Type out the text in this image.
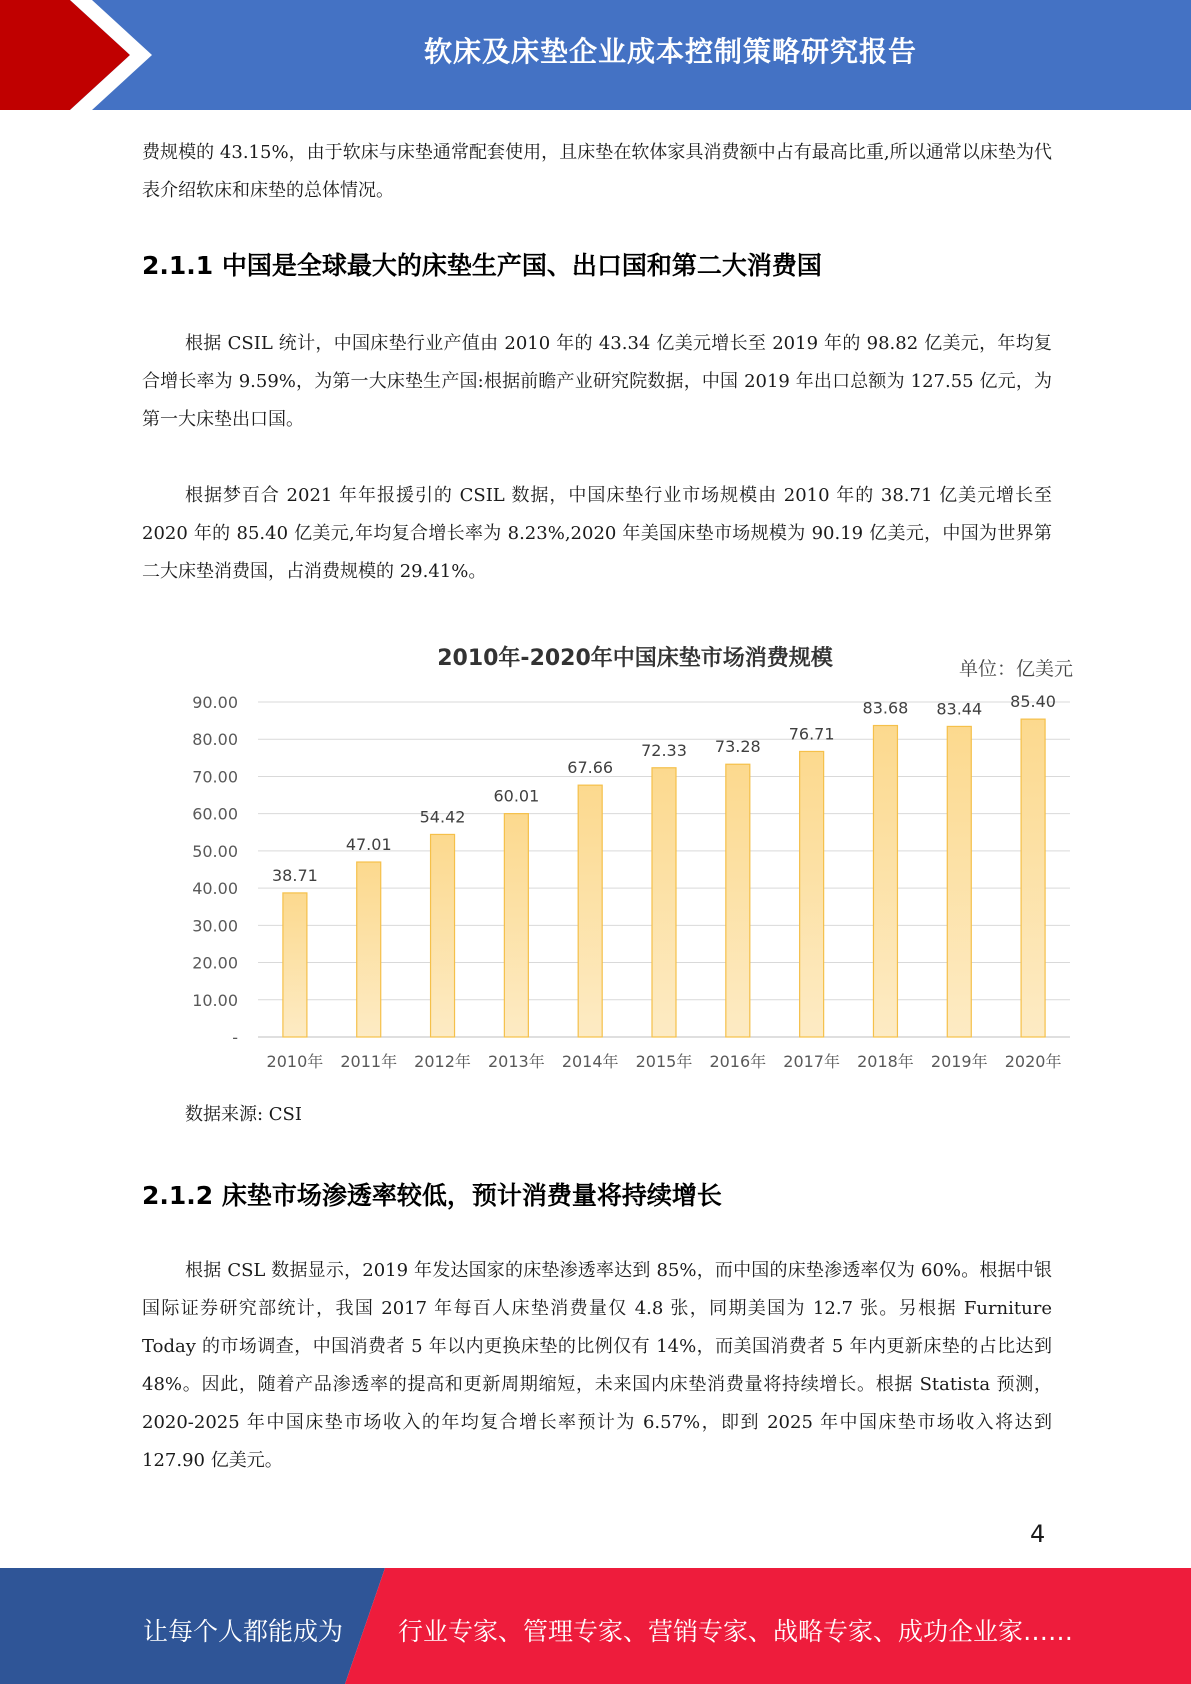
软床及床垫企业成本控制策略研究报告

费规模的 43.15%，由于软床与床垫通常配套使用，且床垫在软体家具消费额中占有最高比重,所以通常以床垫为代表介绍软床和床垫的总体情况。

2.1.1 中国是全球最大的床垫生产国、出口国和第二大消费国

根据 CSIL 统计，中国床垫行业产值由 2010 年的 43.34 亿美元增长至 2019 年的 98.82 亿美元，年均复合增长率为 9.59%，为第一大床垫生产国:根据前瞻产业研究院数据，中国 2019 年出口总额为 127.55 亿元，为第一大床垫出口国。

根据梦百合 2021 年年报援引的 CSIL 数据，中国床垫行业市场规模由 2010 年的 38.71 亿美元增长至 2020 年的 85.40 亿美元,年均复合增长率为 8.23%,2020 年美国床垫市场规模为 90.19 亿美元，中国为世界第二大床垫消费国，占消费规模的 29.41%。

2010年-2020年中国床垫市场消费规模	单位：亿美元
-
10.00
20.00
30.00
40.00
50.00
60.00
70.00
80.00
90.00
38.71
2010年
47.01
2011年
54.42
2012年
60.01
2013年
67.66
2014年
72.33
2015年
73.28
2016年
76.71
2017年
83.68
2018年
83.44
2019年
85.40
2020年

数据来源: CSI

2.1.2 床垫市场渗透率较低，预计消费量将持续增长

根据 CSL 数据显示，2019 年发达国家的床垫渗透率达到 85%，而中国的床垫渗透率仅为 60%。根据中银国际证券研究部统计，我国 2017 年每百人床垫消费量仅 4.8 张，同期美国为 12.7 张。另根据 Furniture Today 的市场调查，中国消费者 5 年以内更换床垫的比例仅有 14%，而美国消费者 5 年内更新床垫的占比达到 48%。因此，随着产品渗透率的提高和更新周期缩短，未来国内床垫消费量将持续增长。根据 Statista 预测，2020-2025 年中国床垫市场收入的年均复合增长率预计为 6.57%，即到 2025 年中国床垫市场收入将达到 127.90 亿美元。

4
让每个人都能成为 行业专家、管理专家、营销专家、战略专家、成功企业家……
